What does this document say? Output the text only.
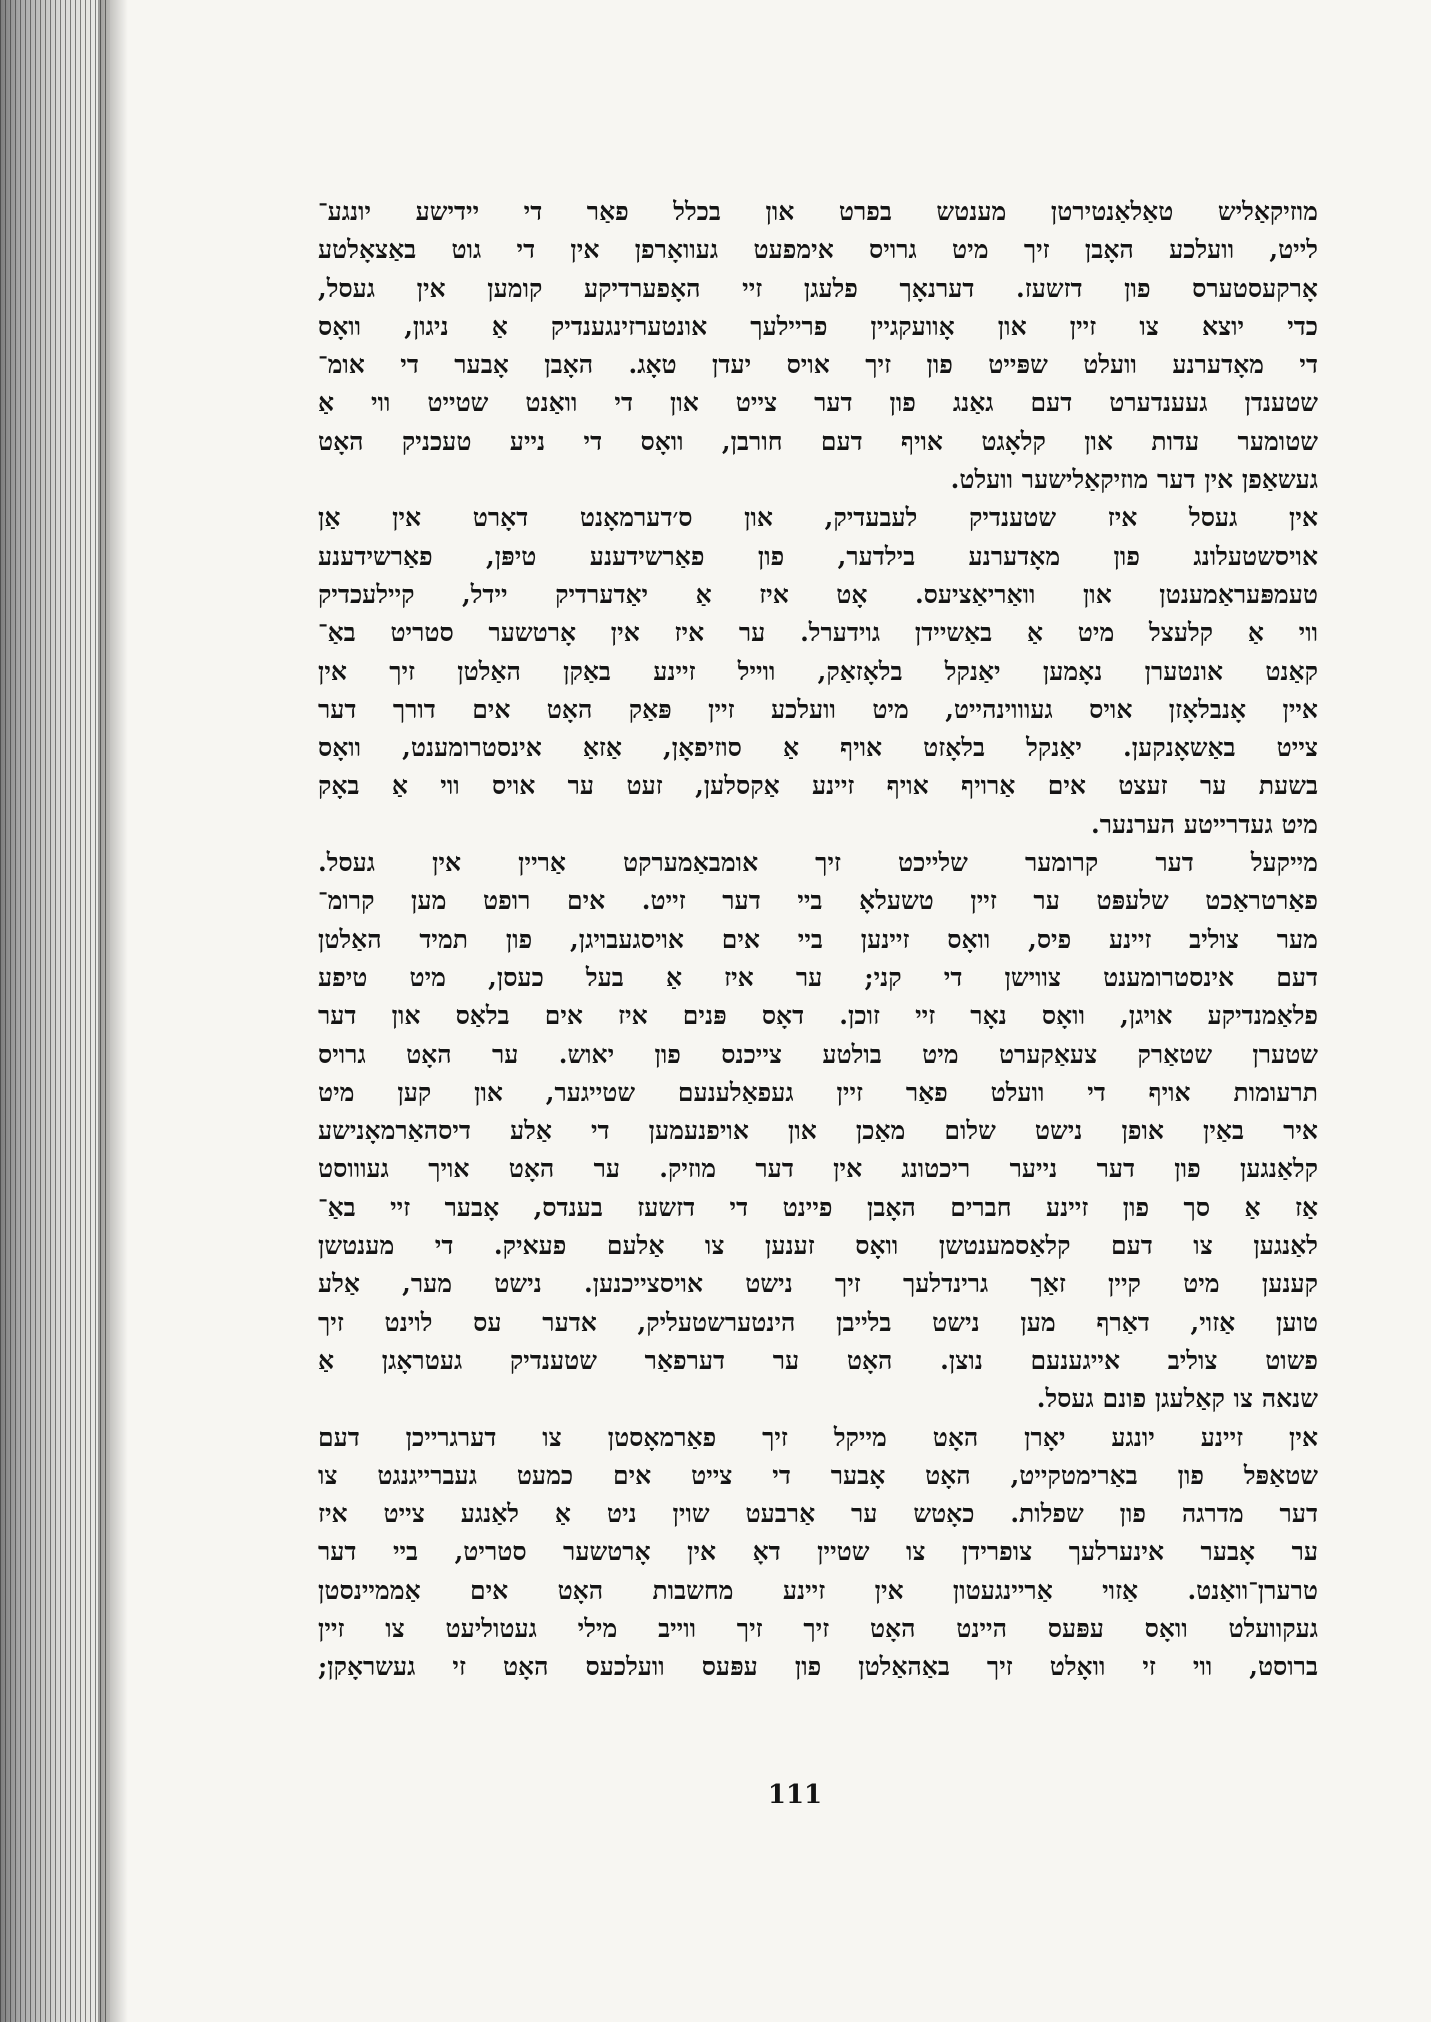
מוזיקאַליש טאַלאַנטירטן מענטש בפרט און בכלל פאַר די יידישע יונגע־
לייט, וועלכע האָבן זיך מיט גרויס אימפעט געוואָרפן אין די גוט באַצאָלטע
אָרקעסטערס פון דזשעז. דערנאָך פלעגן זיי האָפערדיקע קומען אין געסל,
כדי יוצא צו זיין און אָוועקגיין פריילעך אונטערזינגענדיק אַ ניגון, וואָס
די מאָדערנע וועלט שפּייט פון זיך אויס יעדן טאָג. האָבן אָבער די אומ־
שטענדן געענדערט דעם גאַנג פון דער צייט און די וואַנט שטייט ווי אַ
שטומער עדות און קלאָגט אויף דעם חורבן, וואָס די נייע טעכניק האָט
געשאַפן אין דער מוזיקאַלישער וועלט.
אין געסל איז שטענדיק לעבעדיק, און ס׳דערמאָנט דאָרט אין אַן
אויסשטעלונג פון מאָדערנע בילדער, פון פאַרשידענע טיפּן, פאַרשידענע
טעמפּעראַמענטן און וואַריאַציעס. אָט איז אַ יאַדערדיק יידל, קיילעכדיק
ווי אַ קלעצל מיט אַ באַשיידן גוידערל. ער איז אין אָרטשער סטריט באַ־
קאַנט אונטערן נאָמען יאַנקל בלאָזאַק, ווייל זיינע באַקן האַלטן זיך אין
איין אָנבלאָזן אויס געוווינהייט, מיט וועלכע זיין פּאַק האָט אים דורך דער
צייט באַשאָנקען. יאַנקל בלאָזט אויף אַ סוזיפאָן, אַזאַ אינסטרומענט, וואָס
בשעת ער זעצט אים אַרויף אויף זיינע אַקסלען, זעט ער אויס ווי אַ באָק
מיט געדרייטע הערנער.
מייקעל דער קרומער שלייכט זיך אומבאַמערקט אַריין אין געסל.
פאַרטראַכט שלעפּט ער זיין טשעלאָ ביי דער זייט. אים רופט מען קרומ־
מער צוליב זיינע פיס, וואָס זיינען ביי אים אויסגעבויגן, פון תמיד האַלטן
דעם אינסטרומענט צווישן די קני; ער איז אַ בעל כעסן, מיט טיפע
פלאַמנדיקע אויגן, וואָס נאָר זיי זוכן. דאָס פּנים איז אים בלאַס און דער
שטערן שטאַרק צעאַקערט מיט בולטע צייכנס פון יאוש. ער האָט גרויס
תרעומות אויף די וועלט פאַר זיין געפאַלענעם שטייגער, און קען מיט
איר באַין אופן נישט שלום מאַכן און אויפנעמען די אַלע דיסהאַרמאָנישע
קלאַנגען פון דער נייער ריכטונג אין דער מוזיק. ער האָט אויך געוווסט
אַז אַ סך פון זיינע חברים האָבן פיינט די דזשעז בענדס, אָבער זיי באַ־
לאַנגען צו דעם קלאַסמענטשן וואָס זענען צו אַלעם פעאיק. די מענטשן
קענען מיט קיין זאַך גרינדלעך זיך נישט אויסצייכנען. נישט מער, אַלע
טוען אַזוי, דאַרף מען נישט בלייבן הינטערשטעליק, אדער עס לוינט זיך
פשוט צוליב אייגענעם נוצן. האָט ער דערפאַר שטענדיק געטראָגן אַ
שנאה צו קאַלעגן פונם געסל.
אין זיינע יונגע יאָרן האָט מייקל זיך פאַרמאָסטן צו דערגרייכן דעם
שטאַפּל פון באַרימטקייט, האָט אָבער די צייט אים כמעט געברייגנגט צו
דער מדרגה פון שפלות. כאָטש ער אַרבעט שוין ניט אַ לאַנגע צייט איז
ער אָבער אינערלעך צופרידן צו שטיין דאָ אין אָרטשער סטריט, ביי דער
טרערן־וואַנט. אַזוי אַריינגעטון אין זיינע מחשבות האָט אים אַממיינסטן
געקוועלט וואָס עפּעס היינט האָט זיך זיך ווייב מילי געטוליעט צו זיין
ברוסט, ווי זי וואָלט זיך באַהאַלטן פון עפּעס וועלכעס האָט זי געשראָקן;
111
